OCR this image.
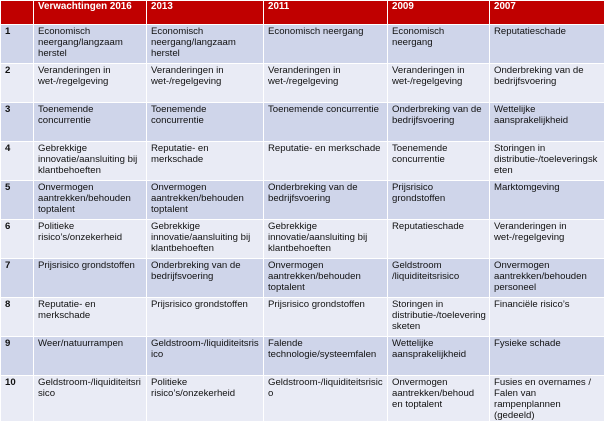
	Verwachtingen 2016	2013	2011	2009	2007
1	Economisch neergang/langzaam herstel	Economisch neergang/langzaam herstel	Economisch neergang	Economisch neergang	Reputatieschade
2	Veranderingen in wet-/regelgeving	Veranderingen in wet-/regelgeving	Veranderingen in wet-/regelgeving	Veranderingen in wet-/regelgeving	Onderbreking van de bedrijfsvoering
3	Toenemende concurrentie	Toenemende concurrentie	Toenemende concurrentie	Onderbreking van de bedrijfsvoering	Wettelijke aansprakelijkheid
4	Gebrekkige innovatie/aansluiting bij klantbehoeften	Reputatie- en merkschade	Reputatie- en merkschade	Toenemende concurrentie	Storingen in distributie-/toeleveringsketen
5	Onvermogen aantrekken/behouden toptalent	Onvermogen aantrekken/behouden toptalent	Onderbreking van de bedrijfsvoering	Prijsrisico grondstoffen	Marktomgeving
6	Politieke risico’s/onzekerheid	Gebrekkige innovatie/aansluiting bij klantbehoeften	Gebrekkige innovatie/aansluiting bij klantbehoeften	Reputatieschade	Veranderingen in wet-/regelgeving
7	Prijsrisico grondstoffen	Onderbreking van de bedrijfsvoering	Onvermogen aantrekken/behouden toptalent	Geldstroom /liquiditeitsrisico	Onvermogen aantrekken/behouden personeel
8	Reputatie- en merkschade	Prijsrisico grondstoffen	Prijsrisico grondstoffen	Storingen in distributie-/toeleveringsketen	Financiële risico’s
9	Weer/natuurrampen	Geldstroom-/liquiditeitsrisico	Falende technologie/systeemfalen	Wettelijke aansprakelijkheid	Fysieke schade
10	Geldstroom-/liquiditeitsrisico	Politieke risico’s/onzekerheid	Geldstroom-/liquiditeitsrisico	Onvermogen aantrekken/behoud en toptalent	Fusies en overnames / Falen van rampenplannen (gedeeld)
